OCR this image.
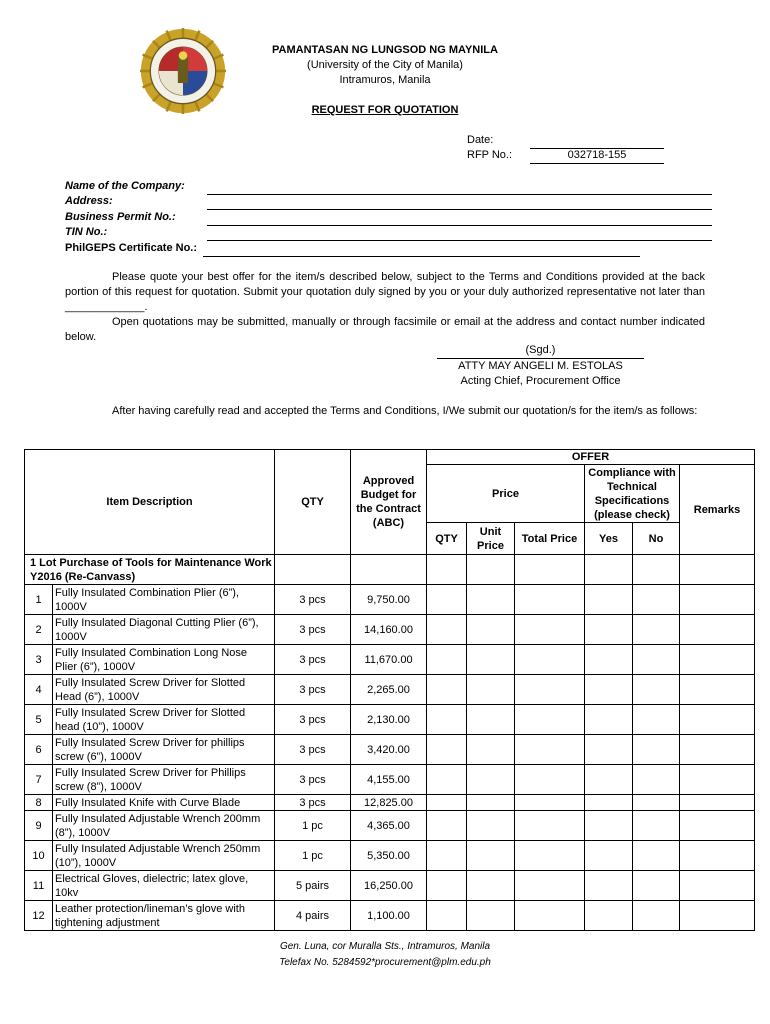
PAMANTASAN NG LUNGSOD NG MAYNILA
(University of the City of Manila)
Intramuros, Manila
REQUEST FOR QUOTATION
Date:
RFP No.:	032718-155
Name of the Company:
Address:
Business Permit No.:
TIN No.:
PhilGEPS Certificate No.:

Please quote your best offer for the item/s described below, subject to the Terms and Conditions provided at the back portion of this request for quotation. Submit your quotation duly signed by you or your duly authorized representative not later than _____________.

Open quotations may be submitted, manually or through facsimile or email at the address and contact number indicated below.

(Sgd.)
ATTY MAY ANGELI M. ESTOLAS
Acting Chief, Procurement Office

After having carefully read and accepted the Terms and Conditions, I/We submit our quotation/s for the item/s as follows:

Item Description		QTY	Approved Budget for the Contract (ABC)	OFFER					
				Price			Compliance with Technical Specifications (please check)		Remarks
				QTY	Unit Price	Total Price	Yes	No	
1 Lot Purchase of Tools for Maintenance Work Y2016 (Re-Canvass)									
1	Fully Insulated Combination Plier (6”), 1000V	3 pcs	9,750.00						
2	Fully Insulated Diagonal Cutting Plier (6”), 1000V	3 pcs	14,160.00						
3	Fully Insulated Combination Long Nose Plier (6”), 1000V	3 pcs	11,670.00						
4	Fully Insulated Screw Driver for Slotted Head (6”), 1000V	3 pcs	2,265.00						
5	Fully Insulated Screw Driver for Slotted head (10”), 1000V	3 pcs	2,130.00						
6	Fully Insulated Screw Driver for phillips screw (6”), 1000V	3 pcs	3,420.00						
7	Fully Insulated Screw Driver for Phillips screw (8”), 1000V	3 pcs	4,155.00						
8	Fully Insulated Knife with Curve Blade	3 pcs	12,825.00						
9	Fully Insulated Adjustable Wrench 200mm (8”), 1000V	1 pc	4,365.00						
10	Fully Insulated Adjustable Wrench 250mm (10”), 1000V	1 pc	5,350.00						
11	Electrical Gloves, dielectric; latex glove, 10kv	5 pairs	16,250.00						
12	Leather protection/lineman’s glove with tightening adjustment	4 pairs	1,100.00						
Gen. Luna, cor Muralla Sts., Intramuros, Manila
Telefax No. 5284592*procurement@plm.edu.ph
